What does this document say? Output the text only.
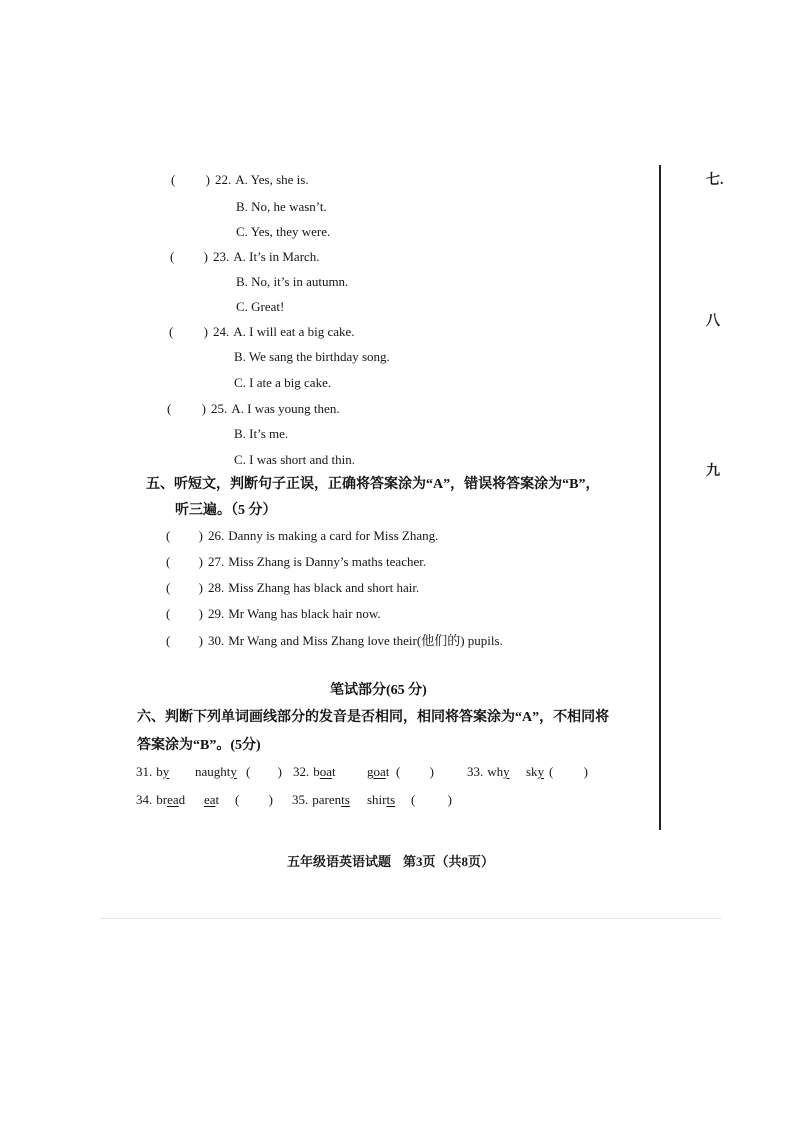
( ) 22. A. Yes, she is.
B. No, he wasn’t.
C. Yes, they were.
( ) 23. A. It’s in March.
B. No, it’s in autumn.
C. Great!
( ) 24. A. I will eat a big cake.
B. We sang the birthday song.
C. I ate a big cake.
( ) 25. A. I was young then.
B. It’s me.
C. I was short and thin.
五、听短文，判断句子正误，正确将答案涂为“A”，错误将答案涂为“B”，
听三遍。（5 分）
( ) 26. Danny is making a card for Miss Zhang.
( ) 27. Miss Zhang is Danny’s maths teacher.
( ) 28. Miss Zhang has black and short hair.
( ) 29. Mr Wang has black hair now.
( ) 30. Mr Wang and Miss Zhang love their(他们的) pupils.
笔试部分(65 分)
六、判断下列单词画线部分的发音是否相同，相同将答案涂为“A”，不相同将
答案涂为“B”。(5分)
31. by naughty ( ) 32. boat goat ( )	33. why sky ( )
34. bread eat ( ) 35. parents shirts ( )
七.
八
九
五年级语英语试题 第3页（共8页）
